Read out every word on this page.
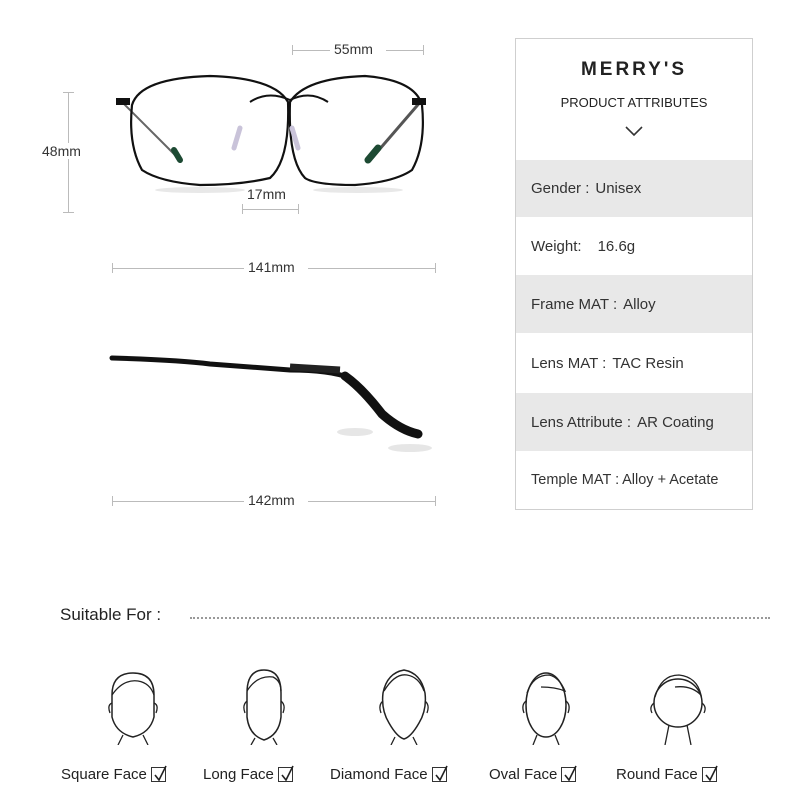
55mm
48mm
17mm
141mm
142mm
MERRY'S
PRODUCT ATTRIBUTES
Gender : Unisex
Weight: 16.6g
Frame MAT : Alloy
Lens MAT : TAC Resin
Lens Attribute : AR Coating
Temple MAT : Alloy + Acetate
Suitable For :
Square Face	Long Face	Diamond Face	Oval Face	Round Face
